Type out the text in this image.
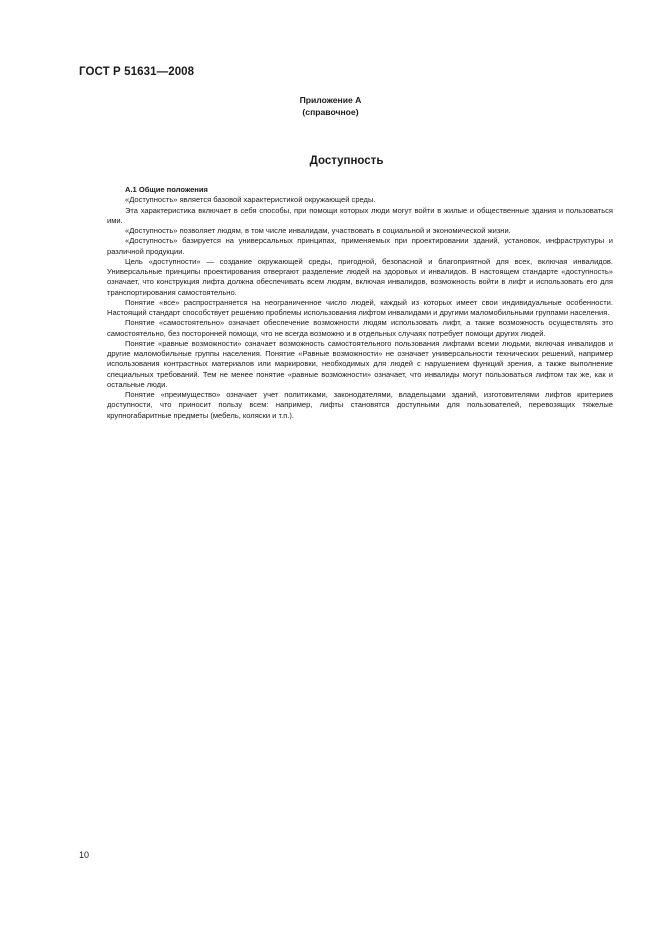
ГОСТ Р 51631—2008
Приложение А
(справочное)
Доступность

А.1 Общие положения

«Доступность» является базовой характеристикой окружающей среды.

Эта характеристика включает в себя способы, при помощи которых люди могут войти в жилые и общественные здания и пользоваться ими.

«Доступность» позволяет людям, в том числе инвалидам, участвовать в социальной и экономической жизни.

«Доступность» базируется на универсальных принципах, применяемых при проектировании зданий, установок, инфраструктуры и различной продукции.

Цель «доступности» — создание окружающей среды, пригодной, безопасной и благоприятной для всех, включая инвалидов. Универсальные принципы проектирования отвергают разделение людей на здоровых и инвалидов. В настоящем стандарте «доступность» означает, что конструкция лифта должна обеспечивать всем людям, включая инвалидов, возможность войти в лифт и использовать его для транспортирования самостоятельно.

Понятие «все» распространяется на неограниченное число людей, каждый из которых имеет свои индивидуальные особенности. Настоящий стандарт способствует решению проблемы использования лифтом инвалидами и другими маломобильными группами населения.

Понятие «самостоятельно» означает обеспечение возможности людям использовать лифт, а также возможность осуществлять это самостоятельно, без посторонней помощи, что не всегда возможно и в отдельных случаях потребует помощи других людей.

Понятие «равные возможности» означает возможность самостоятельного пользования лифтами всеми людьми, включая инвалидов и другие маломобильные группы населения. Понятие «Равные возможности» не означает универсальности технических решений, например использования контрастных материалов или маркировки, необходимых для людей с нарушением функций зрения, а также выполнение специальных требований. Тем не менее понятие «равные возможности» означает, что инвалиды могут пользоваться лифтом так же, как и остальные люди.

Понятие «преимущество» означает учет политиками, законодателями, владельцами зданий, изготовителями лифтов критериев доступности, что приносит пользу всем: например, лифты становятся доступными для пользователей, перевозящих тяжелые крупногабаритные предметы (мебель, коляски и т.п.).

10
